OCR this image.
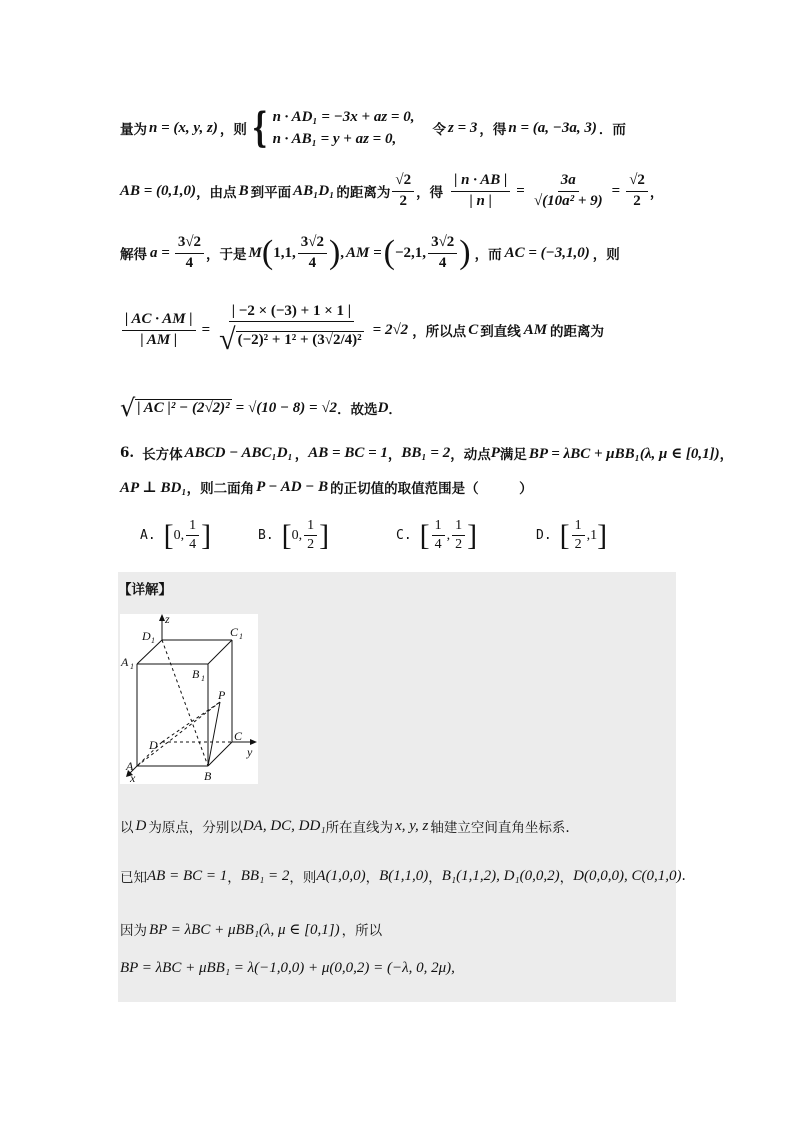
量为 n = (x, y, z) ，则 { n · AD₁ = −3x + az = 0,
n · AB₁ = y + az = 0,
令 z = 3 ，得 n = (a, −3a, 3) ．而
AB = (0,1,0) ，由点 B 到平面 AB₁D₁ 的距离为 $\frac{√2}{2}$ ，得 $\frac{| n \cdot AB |}{| n |} = \frac{3a}{\text{√(10a² + 9)}} = \frac{√2}{2}$ ，
解得 $a = \frac{3√2}{4}$ ，于是 M ( 1,1, $\frac{3√2}{4}$ ) , AM = ( −2,1, $\frac{3√2}{4}$ ) ，而 AC = (−3,1,0) ，则
$\frac{| AC \cdot AM |}{| AM |} = \frac{| -2 \times (-3) + 1 \times 1 |}{\text{√ (−2)² + 1² + (3√2/4)²}} = 2√2$ ，所以点 C 到直线 AM 的距离为
√ | AC |² − (2√2)² = √(10 − 8) = √2 ．故选 D ．
6. 长方体 ABCD − ABC₁D₁ ， AB = BC = 1 ， BB₁ = 2 ，动点 P 满足 BP = λBC + μBB₁(λ, μ ∈ [0,1]) ，
AP ⊥ BD₁ ，则二面角 P − AD − B 的正切值的取值范围是（　　　）
A. [ 0 , $\frac{1}{4}$ ]	B. [ 0 , $\frac{1}{2}$ ]	C. [ $\frac{1}{4}$ , $\frac{1}{2}$ ]	D. [ $\frac{1}{2}$ , 1 ]
【详解】
z
D 1
C 1
A 1
B 1
P
D
C
y
A
x	B
以 D 为原点，分别以 DA, DC, DD₁ 所在直线为 x, y, z 轴建立空间直角坐标系.
已知 AB = BC = 1 ， BB₁ = 2 ，则 A(1,0,0) ， B(1,1,0) ， B₁(1,1,2), D₁(0,0,2) ， D(0,0,0), C(0,1,0) .
因为 BP = λBC + μBB₁(λ, μ ∈ [0,1]) ，所以
BP = λBC + μBB₁ = λ(−1,0,0) + μ(0,0,2) = (−λ, 0, 2μ),
